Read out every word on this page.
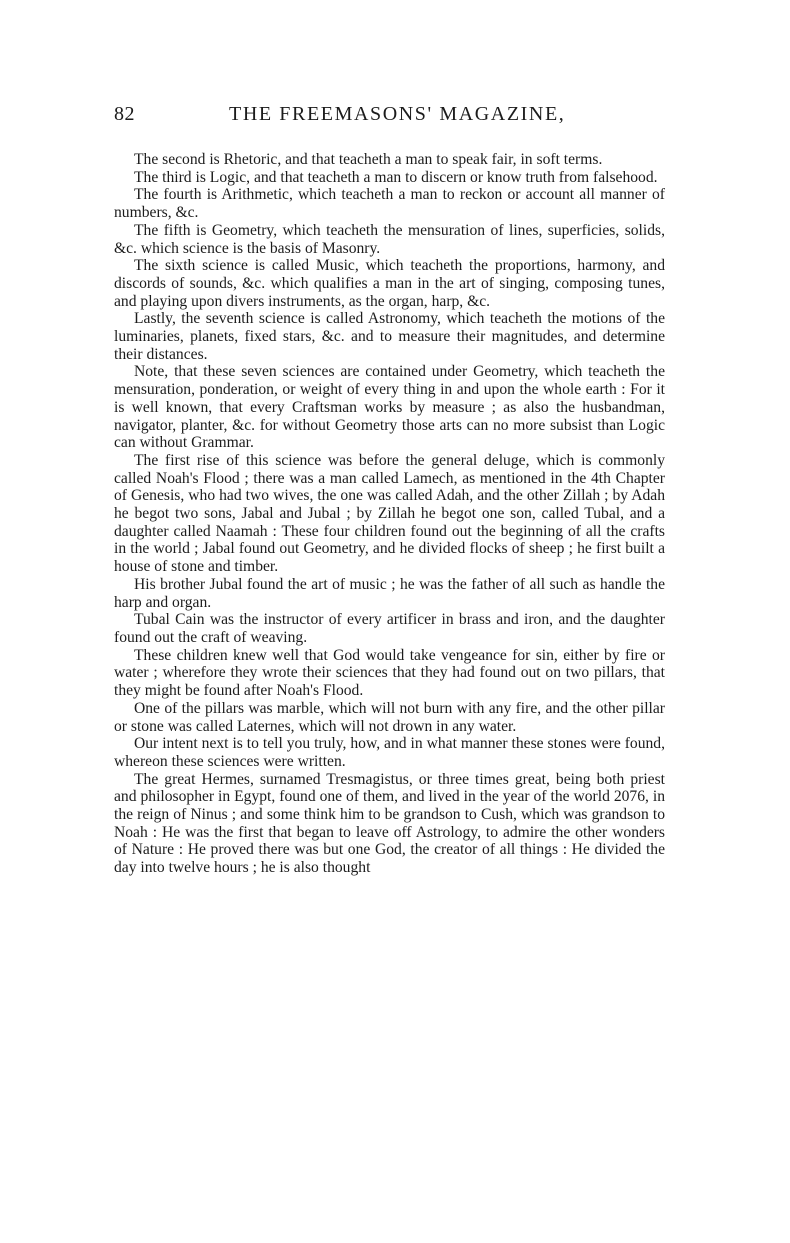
82	THE FREEMASONS' MAGAZINE,

The second is Rhetoric, and that teacheth a man to speak fair, in soft terms.

The third is Logic, and that teacheth a man to discern or know truth from falsehood.

The fourth is Arithmetic, which teacheth a man to reckon or account all manner of numbers, &c.

The fifth is Geometry, which teacheth the mensuration of lines, superficies, solids, &c. which science is the basis of Masonry.

The sixth science is called Music, which teacheth the proportions, harmony, and discords of sounds, &c. which qualifies a man in the art of singing, composing tunes, and playing upon divers instruments, as the organ, harp, &c.

Lastly, the seventh science is called Astronomy, which teacheth the motions of the luminaries, planets, fixed stars, &c. and to measure their magnitudes, and determine their distances.

Note, that these seven sciences are contained under Geometry, which teacheth the mensuration, ponderation, or weight of every thing in and upon the whole earth : For it is well known, that every Craftsman works by measure ; as also the husbandman, navigator, planter, &c. for without Geometry those arts can no more subsist than Logic can without Grammar.

The first rise of this science was before the general deluge, which is commonly called Noah's Flood ; there was a man called Lamech, as mentioned in the 4th Chapter of Genesis, who had two wives, the one was called Adah, and the other Zillah ; by Adah he begot two sons, Jabal and Jubal ; by Zillah he begot one son, called Tubal, and a daughter called Naamah : These four children found out the beginning of all the crafts in the world ; Jabal found out Geometry, and he divided flocks of sheep ; he first built a house of stone and timber.

His brother Jubal found the art of music ; he was the father of all such as handle the harp and organ.

Tubal Cain was the instructor of every artificer in brass and iron, and the daughter found out the craft of weaving.

These children knew well that God would take vengeance for sin, either by fire or water ; wherefore they wrote their sciences that they had found out on two pillars, that they might be found after Noah's Flood.

One of the pillars was marble, which will not burn with any fire, and the other pillar or stone was called Laternes, which will not drown in any water.

Our intent next is to tell you truly, how, and in what manner these stones were found, whereon these sciences were written.

The great Hermes, surnamed Tresmagistus, or three times great, being both priest and philosopher in Egypt, found one of them, and lived in the year of the world 2076, in the reign of Ninus ; and some think him to be grandson to Cush, which was grandson to Noah : He was the first that began to leave off Astrology, to admire the other wonders of Nature : He proved there was but one God, the creator of all things : He divided the day into twelve hours ; he is also thought
